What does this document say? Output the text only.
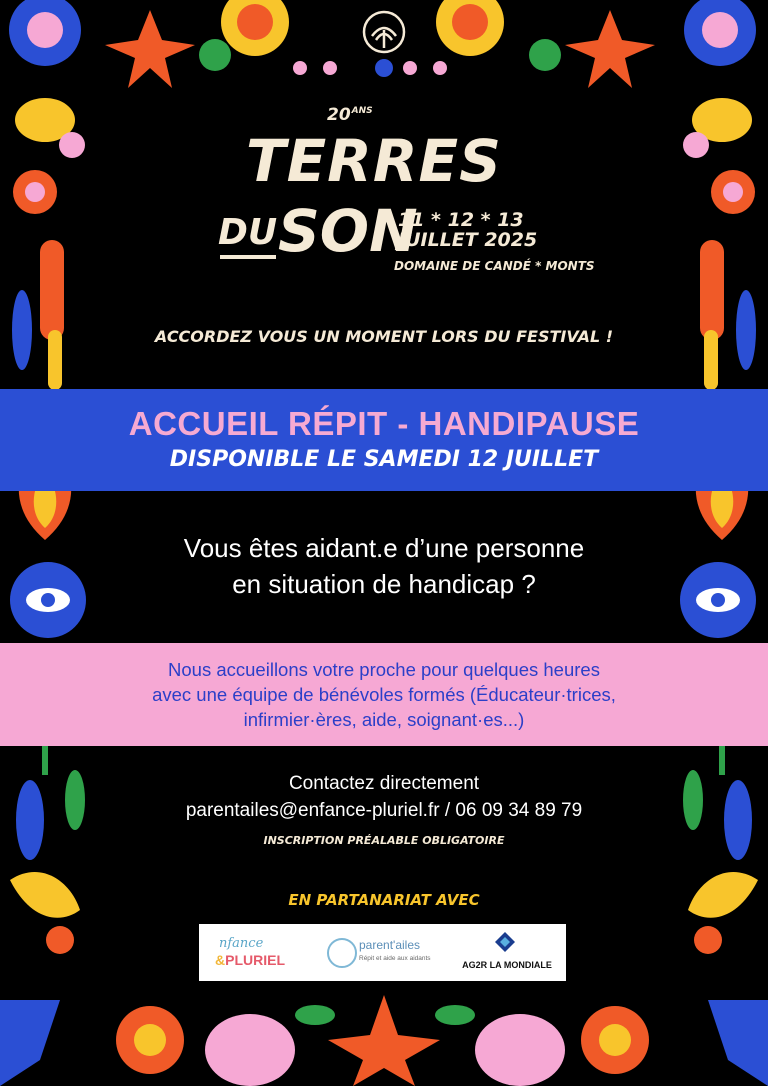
$20^{ANS}$
TERRES
DU SON
11 * 12 * 13
JUILLET 2025
DOMAINE DE CANDÉ * MONTS
ACCORDEZ VOUS UN MOMENT LORS DU FESTIVAL !
ACCUEIL RÉPIT - HANDIPAUSE
DISPONIBLE LE SAMEDI 12 JUILLET
Vous êtes aidant.e d’une personne
en situation de handicap ?
Nous accueillons votre proche pour quelques heures
avec une équipe de bénévoles formés (Éducateur·trices,
infirmier·ères, aide, soignant·es...)
Contactez directement
parentailes@enfance-pluriel.fr / 06 09 34 89 79
INSCRIPTION PRÉALABLE OBLIGATOIRE
EN PARTANARIAT AVEC
nfance
&PLURIEL
parent'ailes
Répit et aide aux aidants
AG2R LA MONDIALE
